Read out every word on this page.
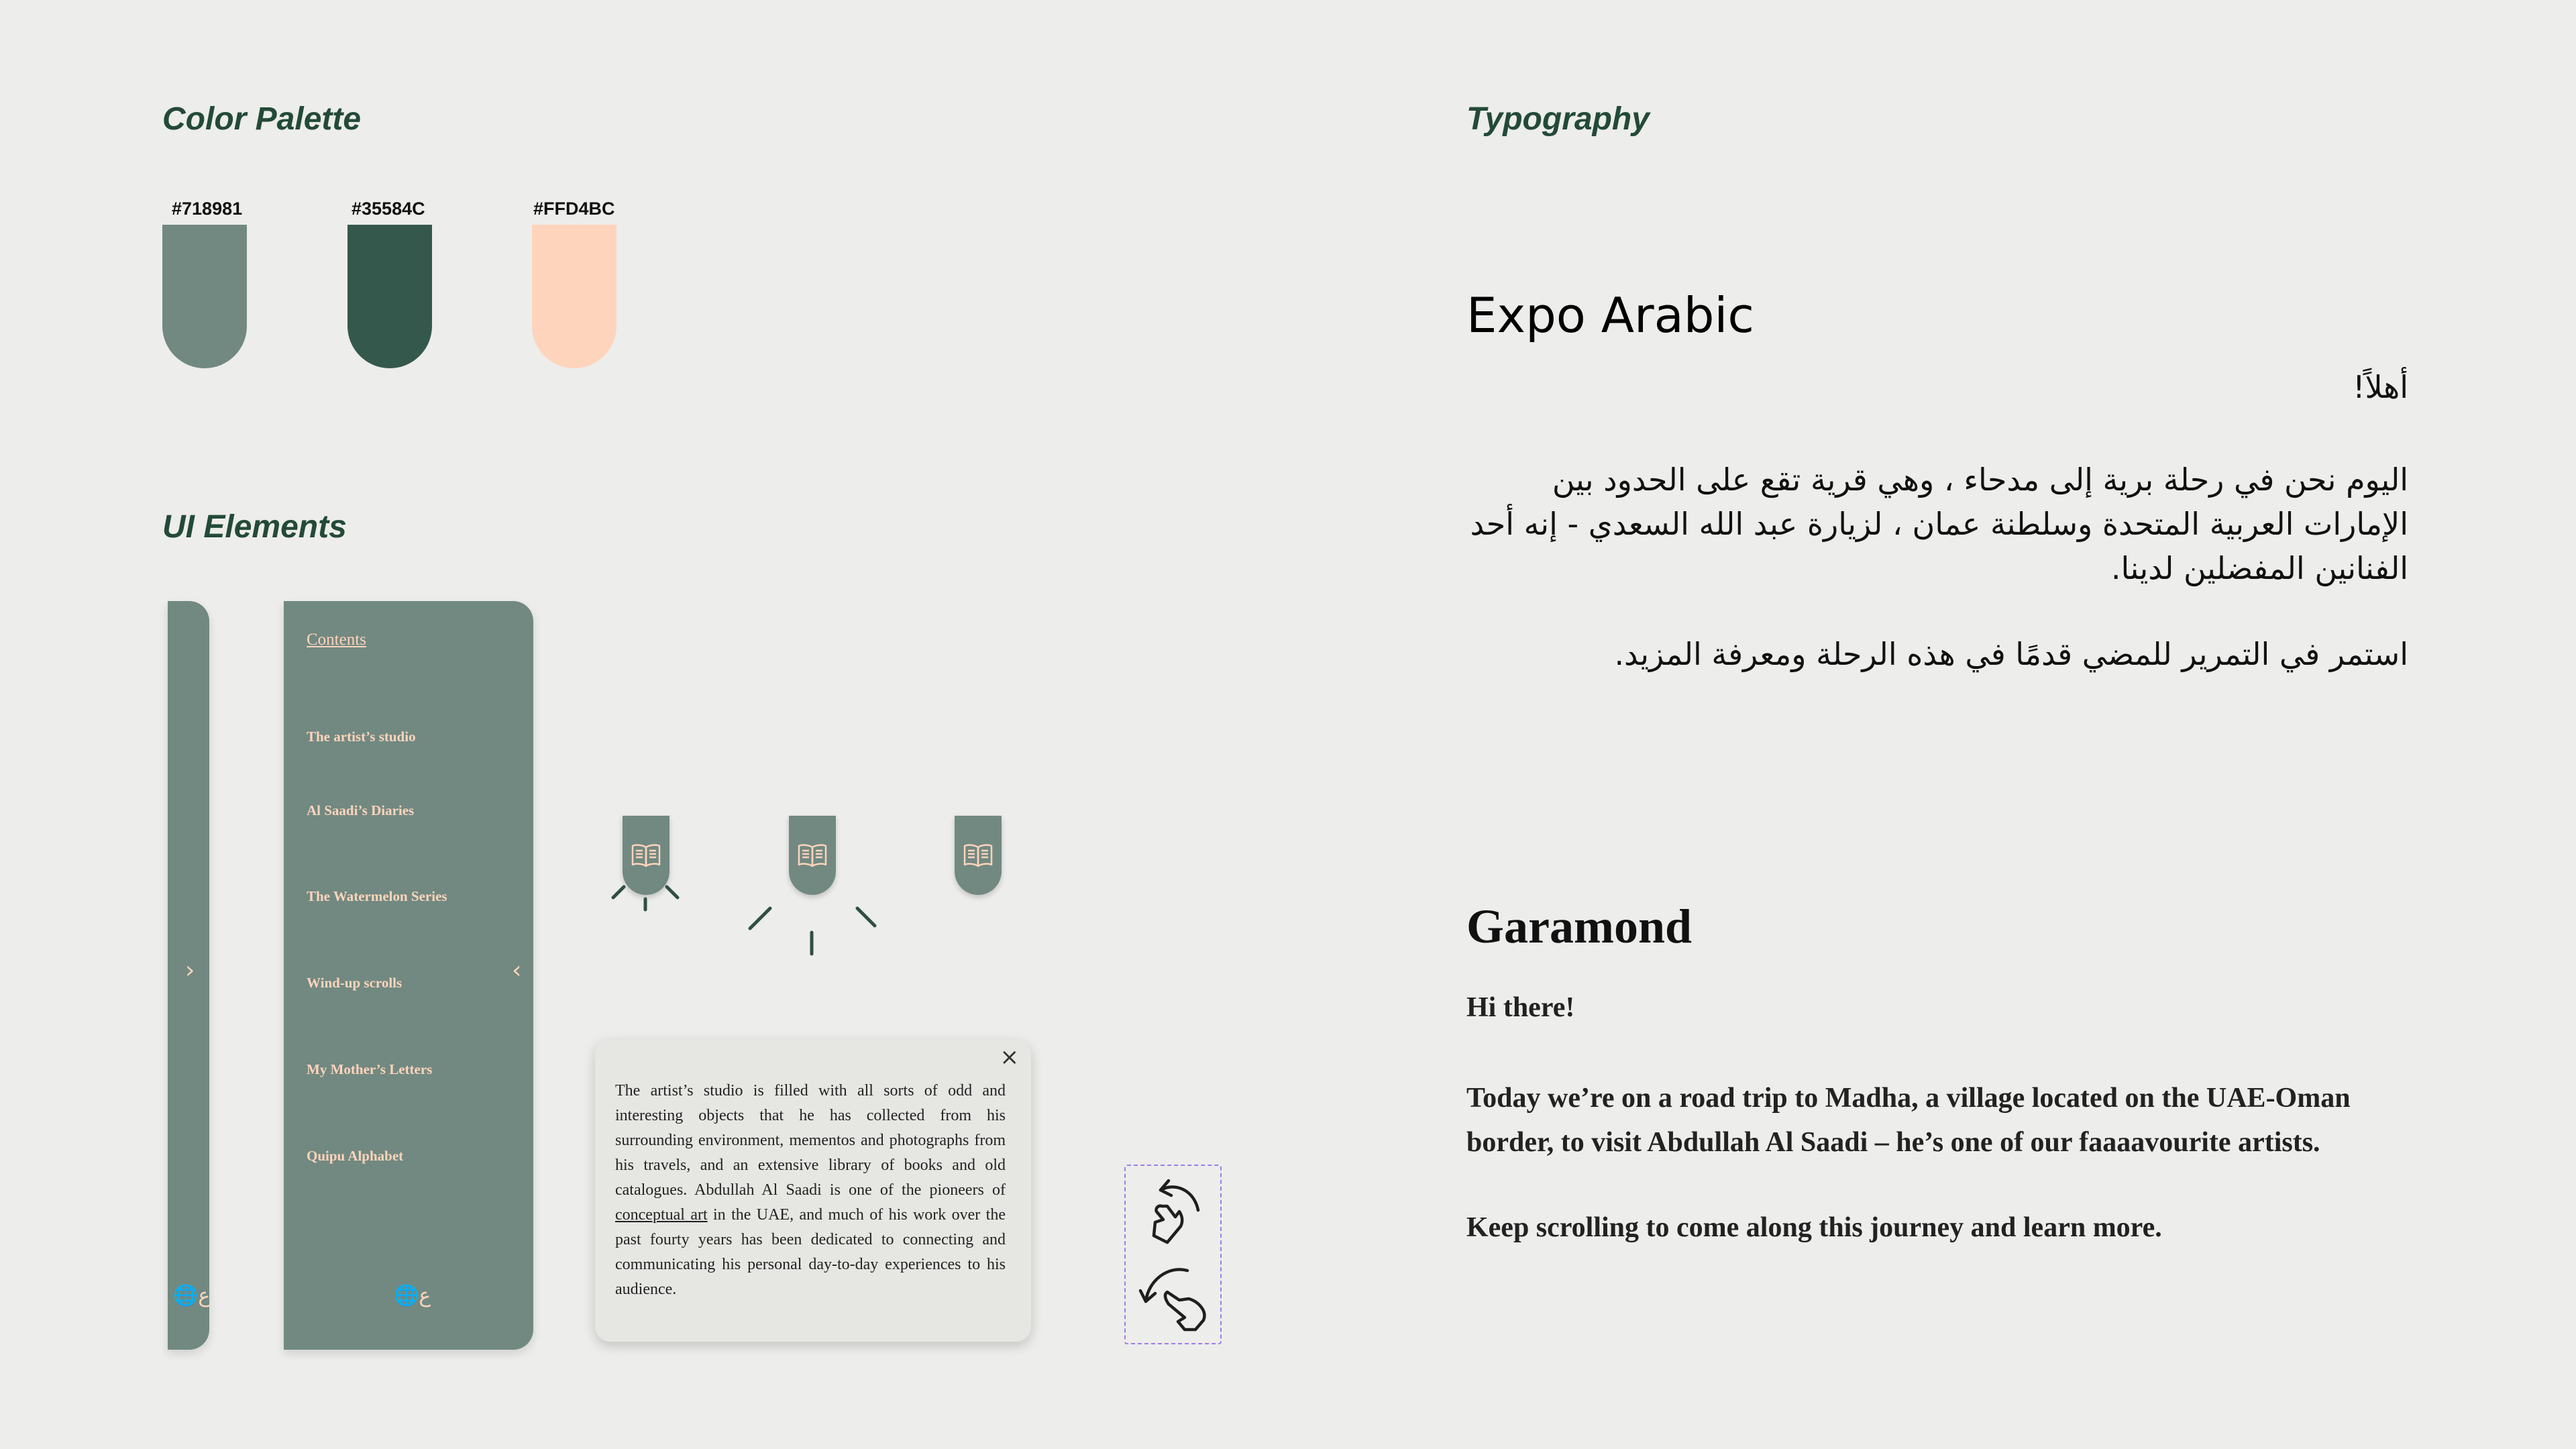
Color Palette
#718981	#35584C	#FFD4BC
UI Elements
›
🌐ع
Contents
The artist’s studio
Al Saadi’s Diaries
The Watermelon Series
Wind-up scrolls
My Mother’s Letters
Quipu Alphabet
‹
🌐ع
×

The artist’s studio is filled with all sorts of odd and interesting objects that he has collected from his surrounding environment, mementos and photographs from his travels, and an extensive library of books and old catalogues. Abdullah Al Saadi is one of the pioneers of conceptual art in the UAE, and much of his work over the past fourty years has been dedicated to connecting and communicating his personal day-to-day experiences to his audience.

Typography
Expo Arabic
أهلاً!
اليوم نحن في رحلة برية إلى مدحاء ، وهي قرية تقع على الحدود بين الإمارات العربية المتحدة وسلطنة عمان ، لزيارة عبد الله السعدي - إنه أحد الفنانين المفضلين لدينا.
استمر في التمرير للمضي قدمًا في هذه الرحلة ومعرفة المزيد.
Garamond

Hi there!

Today we’re on a road trip to Madha, a village located on the UAE-Oman border, to visit Abdullah Al Saadi – he’s one of our faaaavourite artists.

Keep scrolling to come along this journey and learn more.
